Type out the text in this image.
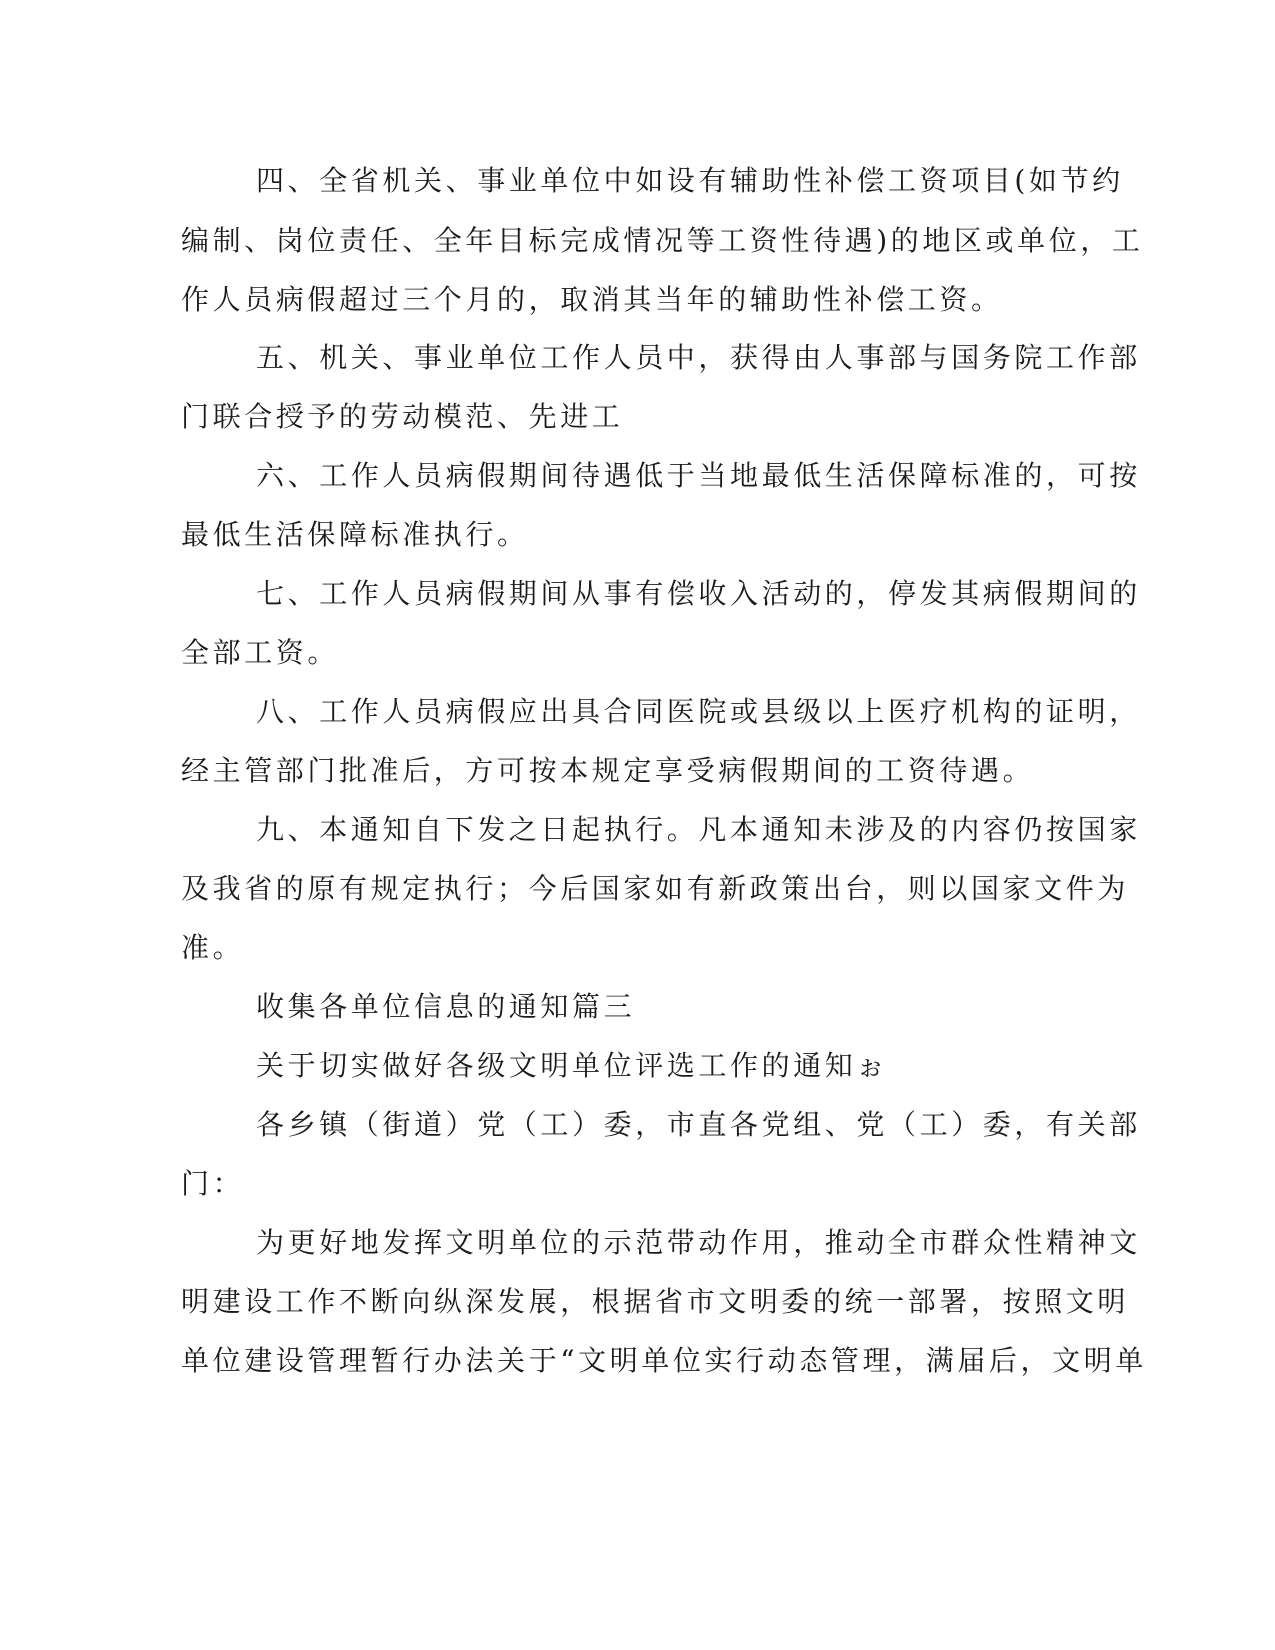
四、全省机关、事业单位中如设有辅助性补偿工资项目(如节约
编制、岗位责任、全年目标完成情况等工资性待遇)的地区或单位，工
作人员病假超过三个月的，取消其当年的辅助性补偿工资。
五、机关、事业单位工作人员中，获得由人事部与国务院工作部
门联合授予的劳动模范、先进工
六、工作人员病假期间待遇低于当地最低生活保障标准的，可按
最低生活保障标准执行。
七、工作人员病假期间从事有偿收入活动的，停发其病假期间的
全部工资。
八、工作人员病假应出具合同医院或县级以上医疗机构的证明，
经主管部门批准后，方可按本规定享受病假期间的工资待遇。
九、本通知自下发之日起执行。凡本通知未涉及的内容仍按国家
及我省的原有规定执行；今后国家如有新政策出台，则以国家文件为
准。
收集各单位信息的通知篇三
关于切实做好各级文明单位评选工作的通知ぉ
各乡镇（街道）党（工）委，市直各党组、党（工）委，有关部
门：
为更好地发挥文明单位的示范带动作用，推动全市群众性精神文
明建设工作不断向纵深发展，根据省市文明委的统一部署，按照文明
单位建设管理暂行办法关于“文明单位实行动态管理，满届后，文明单
